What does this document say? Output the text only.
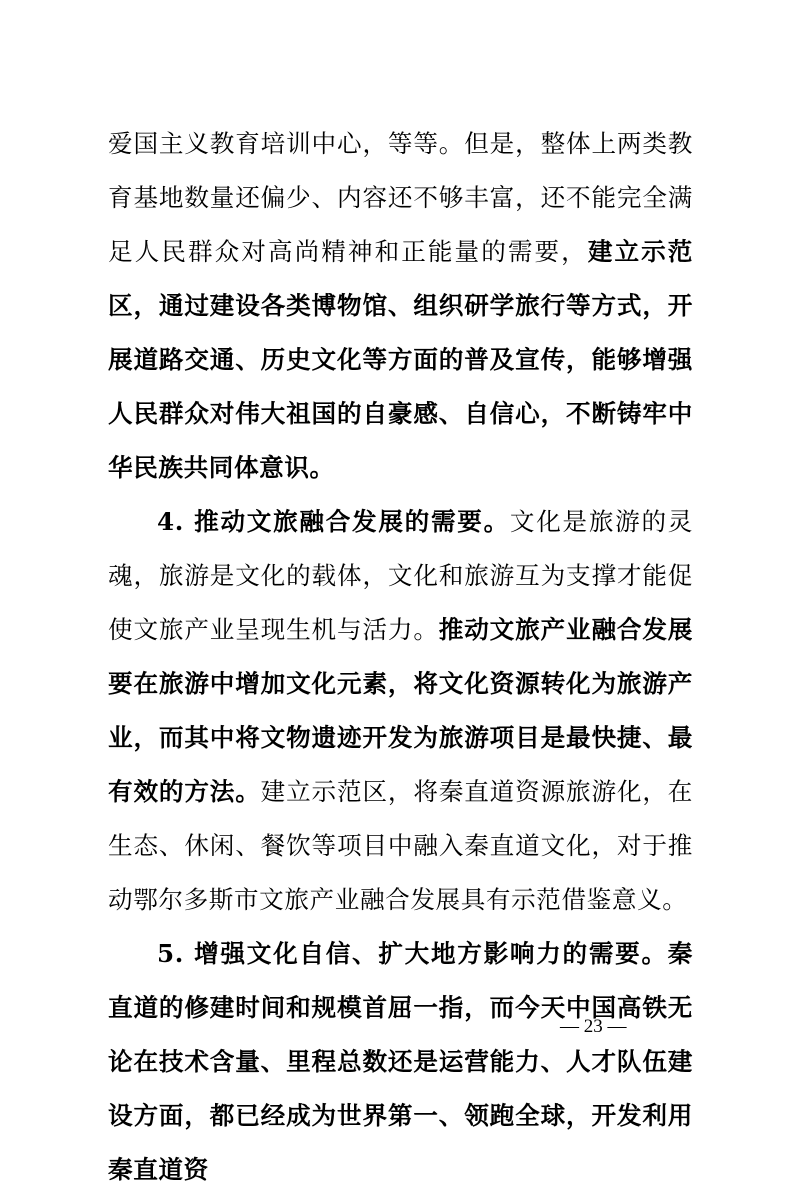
爱国主义教育培训中心，等等。但是，整体上两类教育基地数量还偏少、内容还不够丰富，还不能完全满足人民群众对高尚精神和正能量的需要，建立示范区，通过建设各类博物馆、组织研学旅行等方式，开展道路交通、历史文化等方面的普及宣传，能够增强人民群众对伟大祖国的自豪感、自信心，不断铸牢中华民族共同体意识。

4. 推动文旅融合发展的需要。文化是旅游的灵魂，旅游是文化的载体，文化和旅游互为支撑才能促使文旅产业呈现生机与活力。推动文旅产业融合发展要在旅游中增加文化元素，将文化资源转化为旅游产业，而其中将文物遗迹开发为旅游项目是最快捷、最有效的方法。建立示范区，将秦直道资源旅游化，在生态、休闲、餐饮等项目中融入秦直道文化，对于推动鄂尔多斯市文旅产业融合发展具有示范借鉴意义。

5. 增强文化自信、扩大地方影响力的需要。秦直道的修建时间和规模首屈一指，而今天中国高铁无论在技术含量、里程总数还是运营能力、人才队伍建设方面，都已经成为世界第一、领跑全球，开发利用秦直道资

— 23 —
